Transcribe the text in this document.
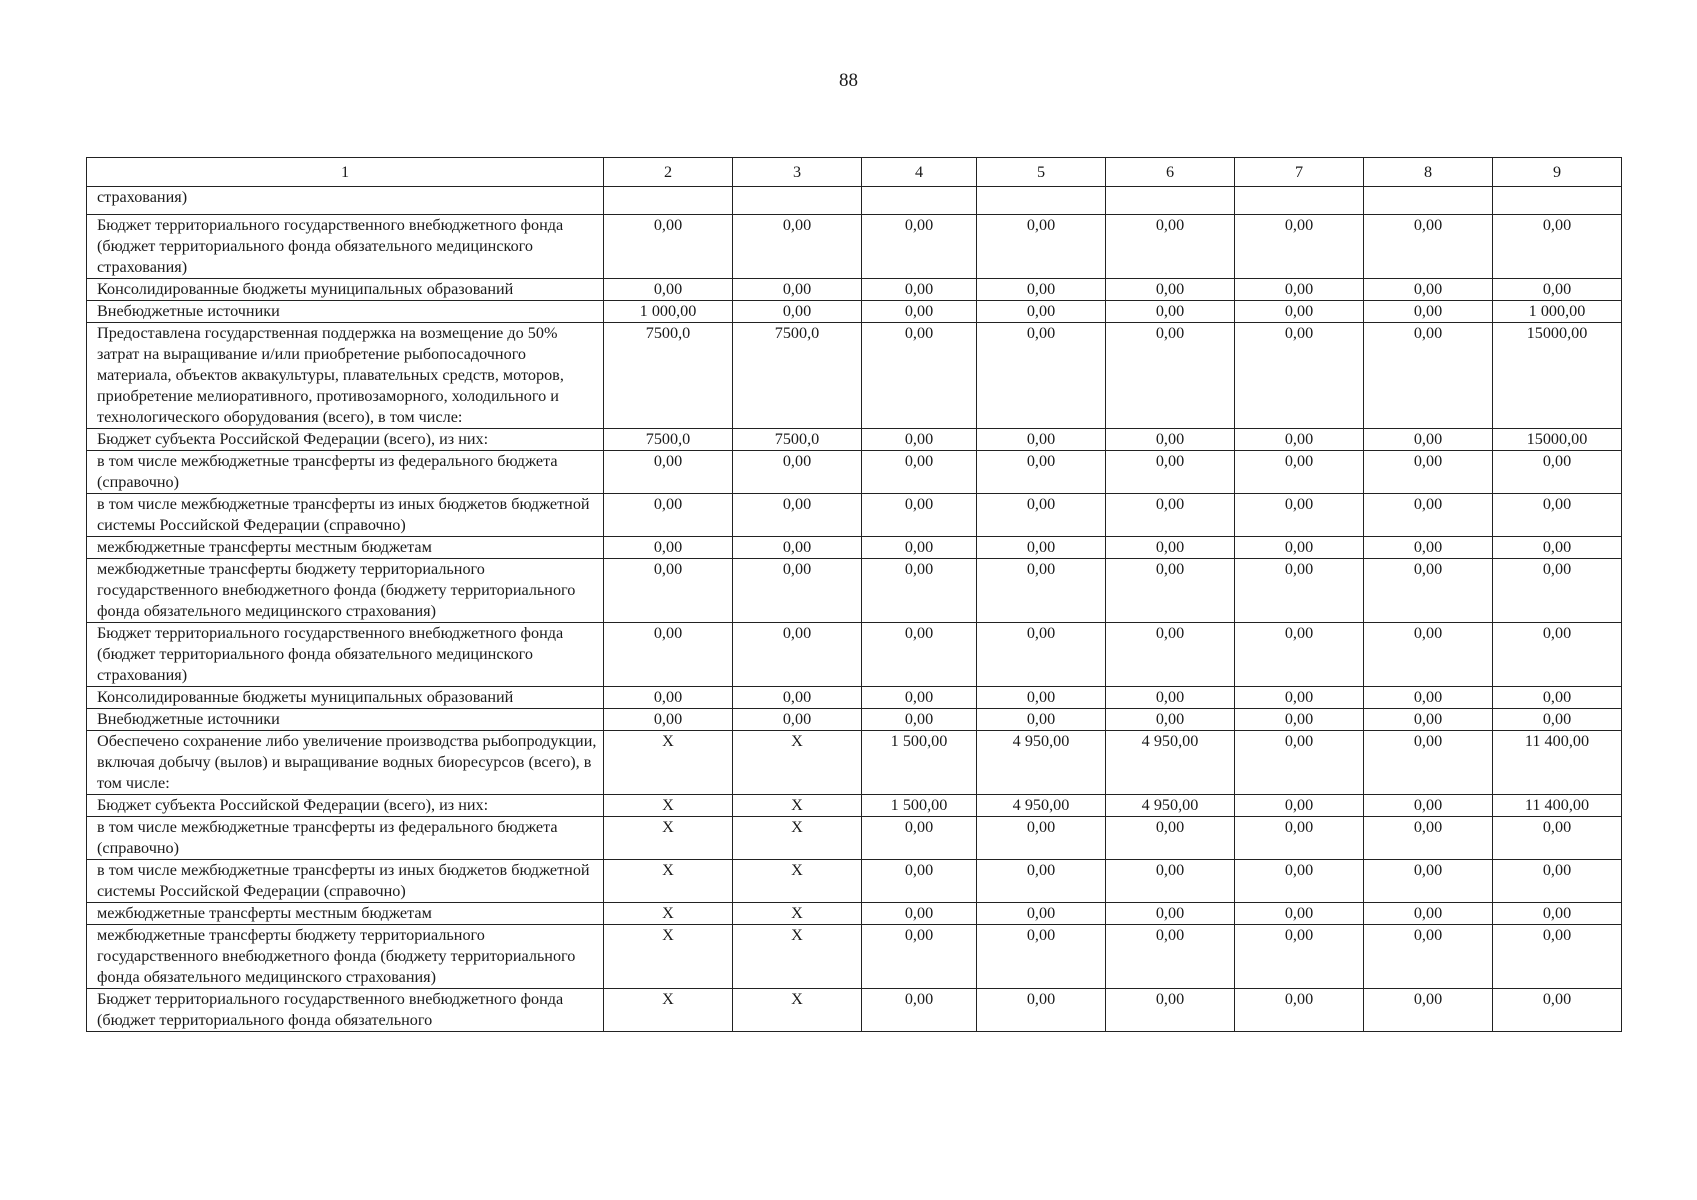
88
1	2	3	4	5	6	7	8	9
страхования)								
Бюджет территориального государственного внебюджетного фонда (бюджет территориального фонда обязательного медицинского страхования)	0,00	0,00	0,00	0,00	0,00	0,00	0,00	0,00
Консолидированные бюджеты муниципальных образований	0,00	0,00	0,00	0,00	0,00	0,00	0,00	0,00
Внебюджетные источники	1 000,00	0,00	0,00	0,00	0,00	0,00	0,00	1 000,00
Предоставлена государственная поддержка на возмещение до 50% затрат на выращивание и/или приобретение рыбопосадочного материала, объектов аквакультуры, плавательных средств, моторов, приобретение мелиоративного, противозаморного, холодильного и технологического оборудования (всего), в том числе:	7500,0	7500,0	0,00	0,00	0,00	0,00	0,00	15000,00
Бюджет субъекта Российской Федерации (всего), из них:	7500,0	7500,0	0,00	0,00	0,00	0,00	0,00	15000,00
в том числе межбюджетные трансферты из федерального бюджета (справочно)	0,00	0,00	0,00	0,00	0,00	0,00	0,00	0,00
в том числе межбюджетные трансферты из иных бюджетов бюджетной системы Российской Федерации (справочно)	0,00	0,00	0,00	0,00	0,00	0,00	0,00	0,00
межбюджетные трансферты местным бюджетам	0,00	0,00	0,00	0,00	0,00	0,00	0,00	0,00
межбюджетные трансферты бюджету территориального государственного внебюджетного фонда (бюджету территориального фонда обязательного медицинского страхования)	0,00	0,00	0,00	0,00	0,00	0,00	0,00	0,00
Бюджет территориального государственного внебюджетного фонда (бюджет территориального фонда обязательного медицинского страхования)	0,00	0,00	0,00	0,00	0,00	0,00	0,00	0,00
Консолидированные бюджеты муниципальных образований	0,00	0,00	0,00	0,00	0,00	0,00	0,00	0,00
Внебюджетные источники	0,00	0,00	0,00	0,00	0,00	0,00	0,00	0,00
Обеспечено сохранение либо увеличение производства рыбопродукции, включая добычу (вылов) и выращивание водных биоресурсов (всего), в том числе:	X	X	1 500,00	4 950,00	4 950,00	0,00	0,00	11 400,00
Бюджет субъекта Российской Федерации (всего), из них:	X	X	1 500,00	4 950,00	4 950,00	0,00	0,00	11 400,00
в том числе межбюджетные трансферты из федерального бюджета (справочно)	X	X	0,00	0,00	0,00	0,00	0,00	0,00
в том числе межбюджетные трансферты из иных бюджетов бюджетной системы Российской Федерации (справочно)	X	X	0,00	0,00	0,00	0,00	0,00	0,00
межбюджетные трансферты местным бюджетам	X	X	0,00	0,00	0,00	0,00	0,00	0,00
межбюджетные трансферты бюджету территориального государственного внебюджетного фонда (бюджету территориального фонда обязательного медицинского страхования)	X	X	0,00	0,00	0,00	0,00	0,00	0,00
Бюджет территориального государственного внебюджетного фонда (бюджет территориального фонда обязательного	X	X	0,00	0,00	0,00	0,00	0,00	0,00
